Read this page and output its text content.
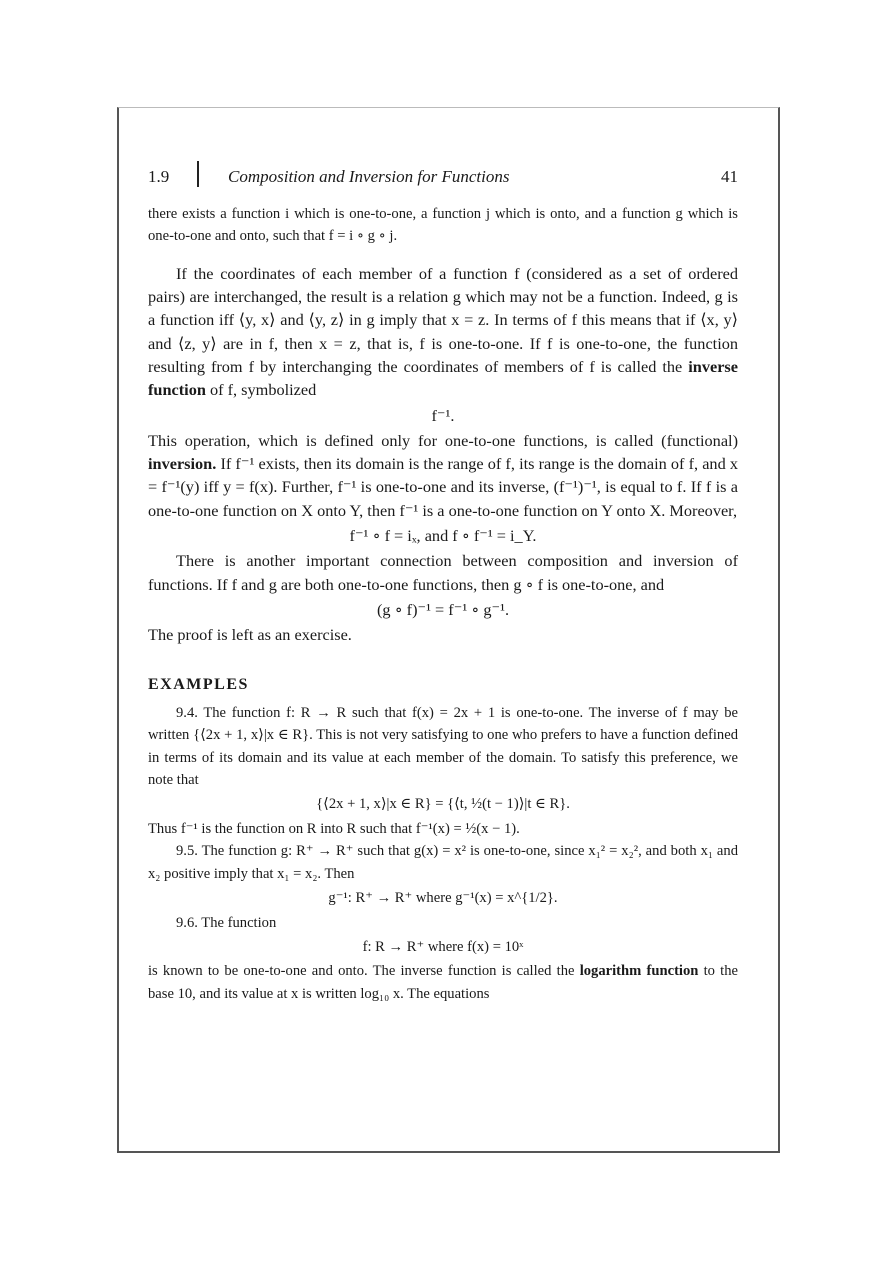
1.9	Composition and Inversion for Functions	41

there exists a function i which is one-to-one, a function j which is onto, and a function g which is one-to-one and onto, such that f = i ∘ g ∘ j.

If the coordinates of each member of a function f (considered as a set of ordered pairs) are interchanged, the result is a relation g which may not be a function. Indeed, g is a function iff ⟨y, x⟩ and ⟨y, z⟩ in g imply that x = z. In terms of f this means that if ⟨x, y⟩ and ⟨z, y⟩ are in f, then x = z, that is, f is one-to-one. If f is one-to-one, the function resulting from f by interchanging the coordinates of members of f is called the inverse function of f, symbolized

f⁻¹.

This operation, which is defined only for one-to-one functions, is called (functional) inversion. If f⁻¹ exists, then its domain is the range of f, its range is the domain of f, and x = f⁻¹(y) iff y = f(x). Further, f⁻¹ is one-to-one and its inverse, (f⁻¹)⁻¹, is equal to f. If f is a one-to-one function on X onto Y, then f⁻¹ is a one-to-one function on Y onto X. Moreover,

f⁻¹ ∘ f = iₓ, and f ∘ f⁻¹ = i_Y.

There is another important connection between composition and inversion of functions. If f and g are both one-to-one functions, then g ∘ f is one-to-one, and

(g ∘ f)⁻¹ = f⁻¹ ∘ g⁻¹.

The proof is left as an exercise.

EXAMPLES

9.4. The function f: R → R such that f(x) = 2x + 1 is one-to-one. The inverse of f may be written {⟨2x + 1, x⟩|x ∈ R}. This is not very satisfying to one who prefers to have a function defined in terms of its domain and its value at each member of the domain. To satisfy this preference, we note that

{⟨2x + 1, x⟩|x ∈ R} = {⟨t, ½(t − 1)⟩|t ∈ R}.

Thus f⁻¹ is the function on R into R such that f⁻¹(x) = ½(x − 1).

9.5. The function g: R⁺ → R⁺ such that g(x) = x² is one-to-one, since x₁² = x₂², and both x₁ and x₂ positive imply that x₁ = x₂. Then

g⁻¹: R⁺ → R⁺ where g⁻¹(x) = x^{1/2}.

9.6. The function

f: R → R⁺ where f(x) = 10ˣ

is known to be one-to-one and onto. The inverse function is called the logarithm function to the base 10, and its value at x is written log₁₀ x. The equations
